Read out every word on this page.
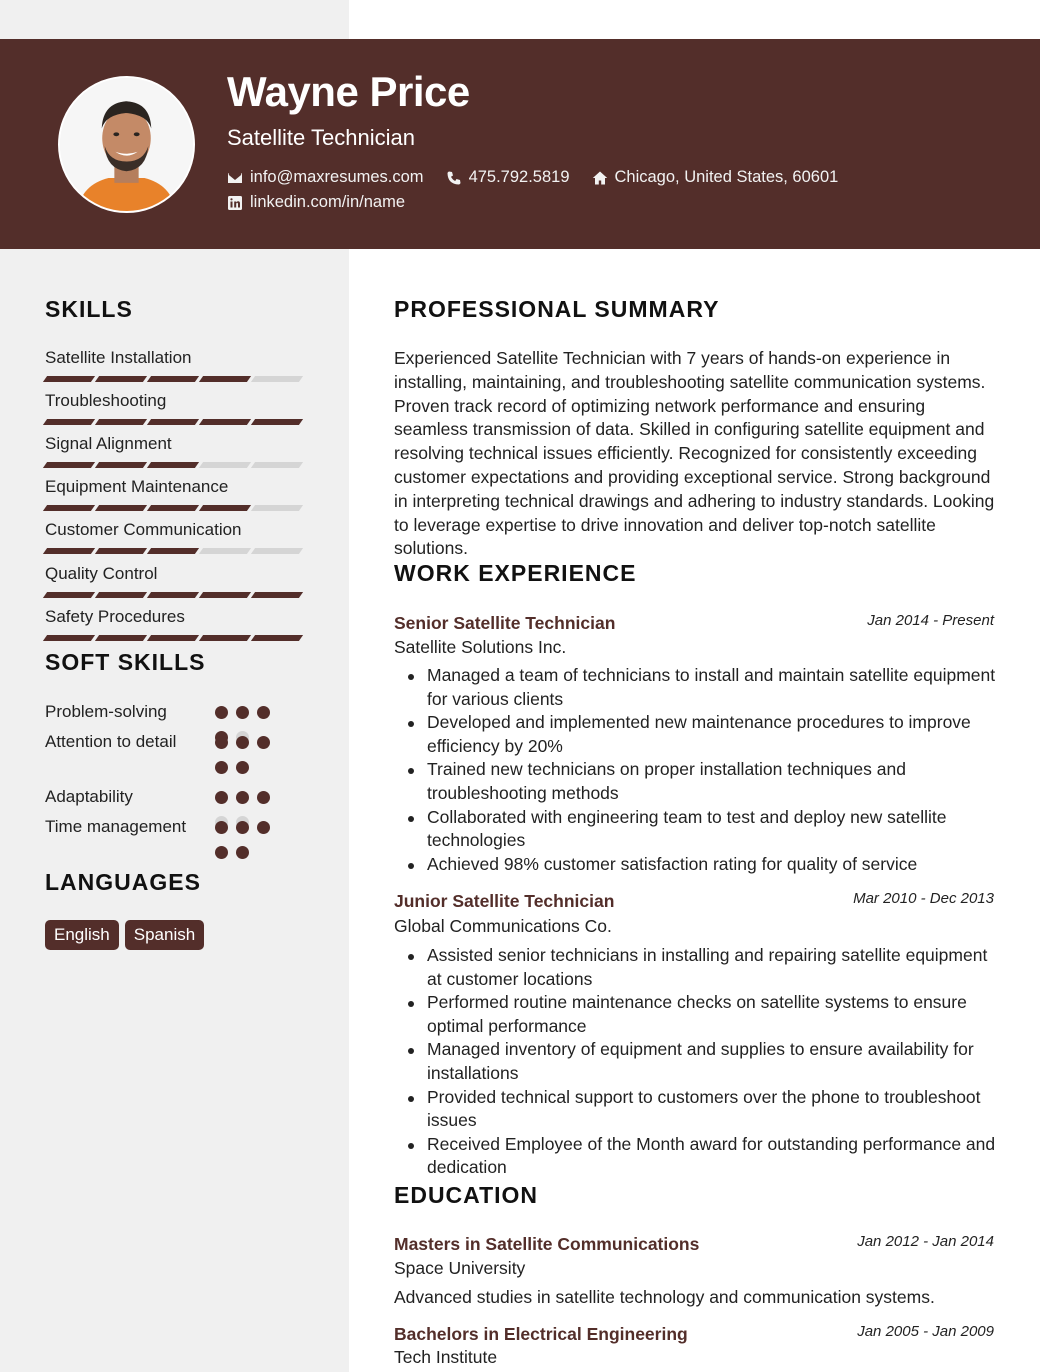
Wayne Price
Satellite Technician
info@maxresumes.com	475.792.5819	Chicago, United States, 60601
linkedin.com/in/name
SKILLS
Satellite Installation
Troubleshooting
Signal Alignment
Equipment Maintenance
Customer Communication
Quality Control
Safety Procedures
SOFT SKILLS
Problem-solving
Attention to detail
Adaptability
Time management
LANGUAGES
English	Spanish
PROFESSIONAL SUMMARY
Experienced Satellite Technician with 7 years of hands-on experience in installing, maintaining, and troubleshooting satellite communication systems. Proven track record of optimizing network performance and ensuring seamless transmission of data. Skilled in configuring satellite equipment and resolving technical issues efficiently. Recognized for consistently exceeding customer expectations and providing exceptional service. Strong background in interpreting technical drawings and adhering to industry standards. Looking to leverage expertise to drive innovation and deliver top-notch satellite solutions.
WORK EXPERIENCE
Senior Satellite Technician	Jan 2014 - Present
Satellite Solutions Inc.
Managed a team of technicians to install and maintain satellite equipment for various clients
Developed and implemented new maintenance procedures to improve efficiency by 20%
Trained new technicians on proper installation techniques and troubleshooting methods
Collaborated with engineering team to test and deploy new satellite technologies
Achieved 98% customer satisfaction rating for quality of service
Junior Satellite Technician	Mar 2010 - Dec 2013
Global Communications Co.
Assisted senior technicians in installing and repairing satellite equipment at customer locations
Performed routine maintenance checks on satellite systems to ensure optimal performance
Managed inventory of equipment and supplies to ensure availability for installations
Provided technical support to customers over the phone to troubleshoot issues
Received Employee of the Month award for outstanding performance and dedication
EDUCATION
Masters in Satellite Communications	Jan 2012 - Jan 2014
Space University
Advanced studies in satellite technology and communication systems.
Bachelors in Electrical Engineering	Jan 2005 - Jan 2009
Tech Institute
